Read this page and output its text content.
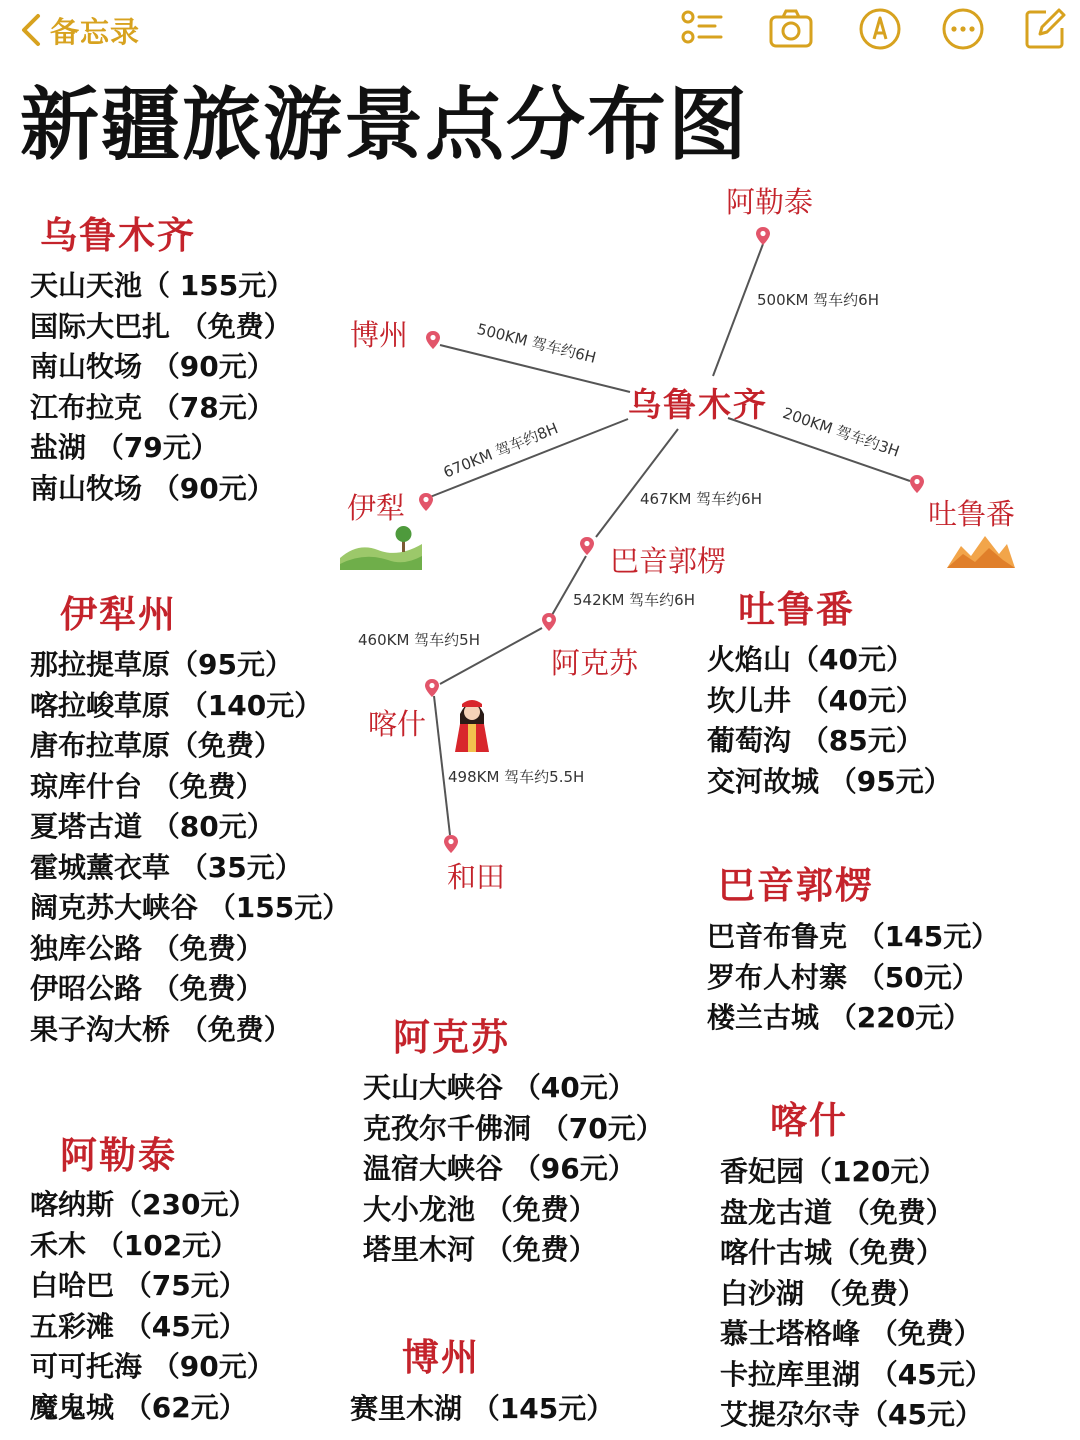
备忘录
新疆旅游景点分布图
阿勒泰
博州
乌鲁木齐
伊犁	吐鲁番
巴音郭楞
阿克苏
喀什
和田
500KM 驾车约6H
500KM 驾车约6H
670KM 驾车约8H	200KM 驾车约3H
467KM 驾车约6H
542KM 驾车约6H
460KM 驾车约5H
498KM 驾车约5.5H
乌鲁木齐
天山天池（ 155元）
国际大巴扎 （免费）
南山牧场 （90元）
江布拉克 （78元）
盐湖 （79元）
南山牧场 （90元）
伊犁州
那拉提草原（95元）
喀拉峻草原 （140元）
唐布拉草原（免费）
琼库什台 （免费）
夏塔古道 （80元）
霍城薰衣草 （35元）
阔克苏大峡谷 （155元）
独库公路 （免费）
伊昭公路 （免费）
果子沟大桥 （免费）
阿勒泰
喀纳斯（230元）
禾木 （102元）
白哈巴 （75元）
五彩滩 （45元）
可可托海 （90元）
魔鬼城 （62元）
吐鲁番
火焰山（40元）
坎儿井 （40元）
葡萄沟 （85元）
交河故城 （95元）
巴音郭楞
巴音布鲁克 （145元）
罗布人村寨 （50元）
楼兰古城 （220元）
阿克苏
天山大峡谷 （40元）
克孜尔千佛洞 （70元）
温宿大峡谷 （96元）
大小龙池 （免费）
塔里木河 （免费）
喀什
香妃园（120元）
盘龙古道 （免费）
喀什古城（免费）
白沙湖 （免费）
慕士塔格峰 （免费）
卡拉库里湖 （45元）
艾提尕尔寺（45元）
博州
赛里木湖 （145元）
